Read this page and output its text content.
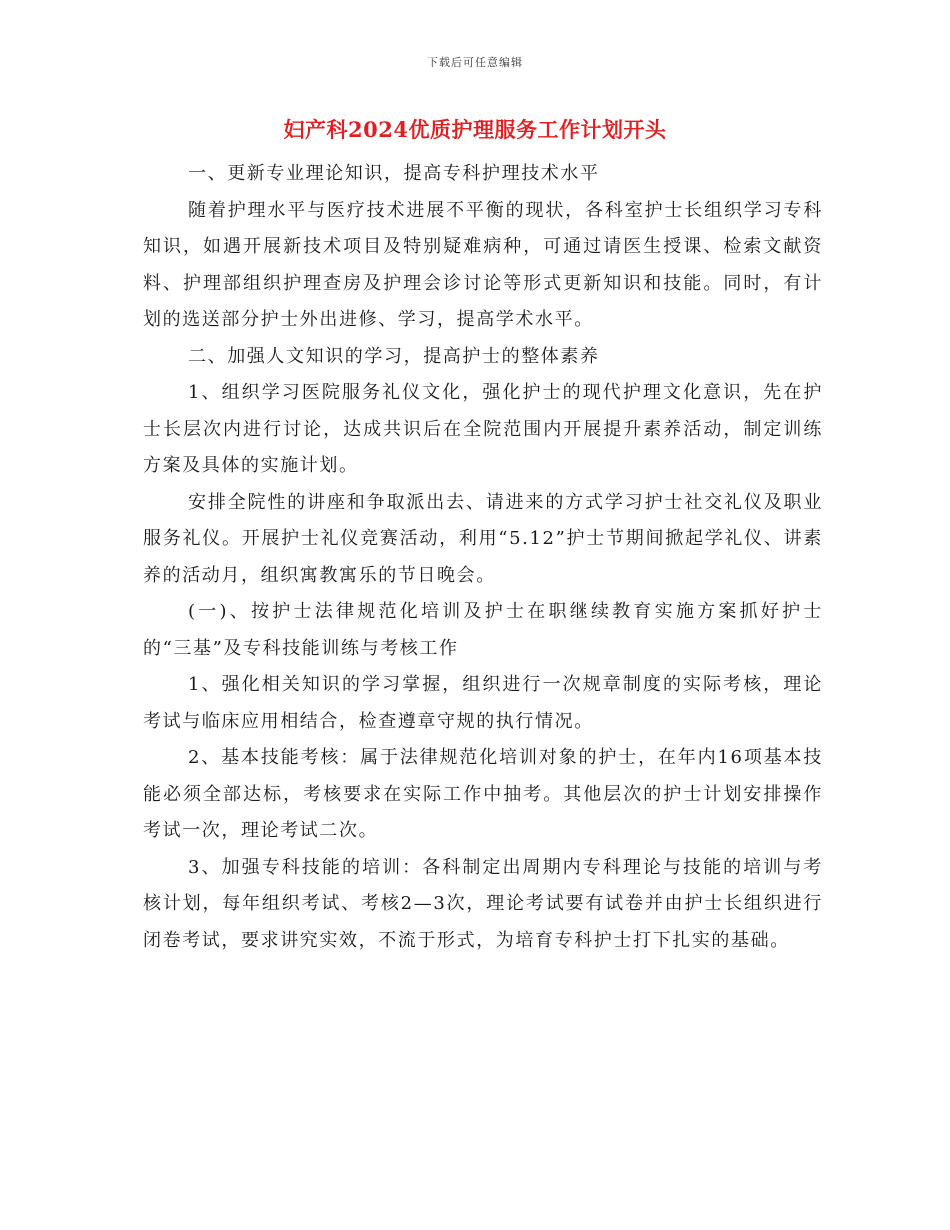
下载后可任意编辑
妇产科2024优质护理服务工作计划开头

一、更新专业理论知识，提高专科护理技术水平

随着护理水平与医疗技术进展不平衡的现状，各科室护士长组织学习专科知识，如遇开展新技术项目及特别疑难病种，可通过请医生授课、检索文献资料、护理部组织护理查房及护理会诊讨论等形式更新知识和技能。同时，有计划的选送部分护士外出进修、学习，提高学术水平。

二、加强人文知识的学习，提高护士的整体素养

1、组织学习医院服务礼仪文化，强化护士的现代护理文化意识，先在护士长层次内进行讨论，达成共识后在全院范围内开展提升素养活动，制定训练方案及具体的实施计划。

安排全院性的讲座和争取派出去、请进来的方式学习护士社交礼仪及职业服务礼仪。开展护士礼仪竞赛活动，利用“5.12”护士节期间掀起学礼仪、讲素养的活动月，组织寓教寓乐的节日晚会。

(一)、按护士法律规范化培训及护士在职继续教育实施方案抓好护士的“三基”及专科技能训练与考核工作

1、强化相关知识的学习掌握，组织进行一次规章制度的实际考核，理论考试与临床应用相结合，检查遵章守规的执行情况。

2、基本技能考核：属于法律规范化培训对象的护士，在年内16项基本技能必须全部达标，考核要求在实际工作中抽考。其他层次的护士计划安排操作考试一次，理论考试二次。

3、加强专科技能的培训：各科制定出周期内专科理论与技能的培训与考核计划，每年组织考试、考核2—3次，理论考试要有试卷并由护士长组织进行闭卷考试，要求讲究实效，不流于形式，为培育专科护士打下扎实的基础。
